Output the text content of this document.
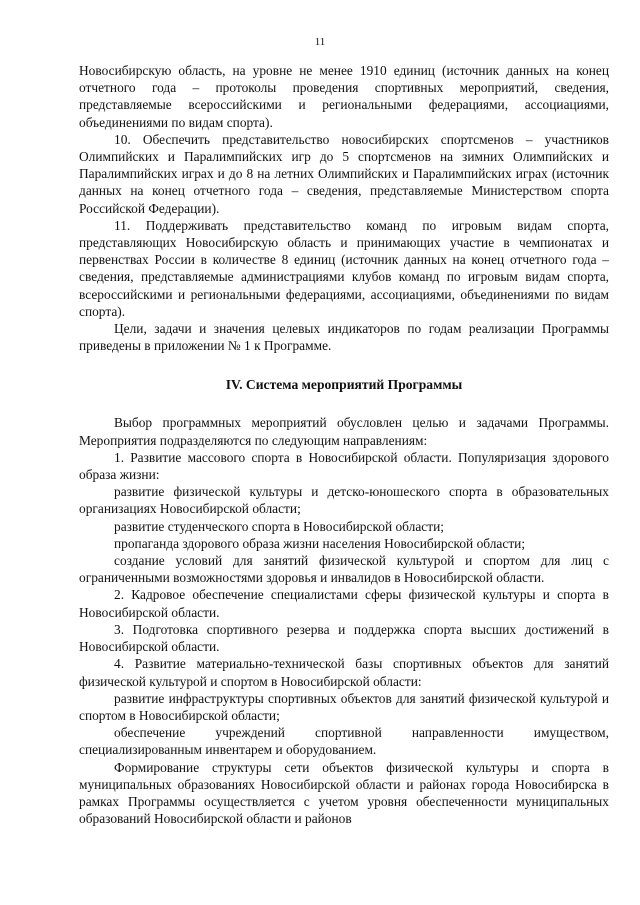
11

Новосибирскую область, на уровне не менее 1910 единиц (источник данных на конец отчетного года – протоколы проведения спортивных мероприятий, сведения, представляемые всероссийскими и региональными федерациями, ассоциациями, объединениями по видам спорта).

10. Обеспечить представительство новосибирских спортсменов – участников Олимпийских и Паралимпийских игр до 5 спортсменов на зимних Олимпийских и Паралимпийских играх и до 8 на летних Олимпийских и Паралимпийских играх (источник данных на конец отчетного года – сведения, представляемые Министерством спорта Российской Федерации).

11. Поддерживать представительство команд по игровым видам спорта, представляющих Новосибирскую область и принимающих участие в чемпионатах и первенствах России в количестве 8 единиц (источник данных на конец отчетного года – сведения, представляемые администрациями клубов команд по игровым видам спорта, всероссийскими и региональными федерациями, ассоциациями, объединениями по видам спорта).

Цели, задачи и значения целевых индикаторов по годам реализации Программы приведены в приложении № 1 к Программе.

IV. Система мероприятий Программы

Выбор программных мероприятий обусловлен целью и задачами Программы. Мероприятия подразделяются по следующим направлениям:

1. Развитие массового спорта в Новосибирской области. Популяризация здорового образа жизни:

развитие физической культуры и детско-юношеского спорта в образовательных организациях Новосибирской области;

развитие студенческого спорта в Новосибирской области;

пропаганда здорового образа жизни населения Новосибирской области;

создание условий для занятий физической культурой и спортом для лиц с ограниченными возможностями здоровья и инвалидов в Новосибирской области.

2. Кадровое обеспечение специалистами сферы физической культуры и спорта в Новосибирской области.

3. Подготовка спортивного резерва и поддержка спорта высших достижений в Новосибирской области.

4. Развитие материально-технической базы спортивных объектов для занятий физической культурой и спортом в Новосибирской области:

развитие инфраструктуры спортивных объектов для занятий физической культурой и спортом в Новосибирской области;

обеспечение учреждений спортивной направленности имуществом, специализированным инвентарем и оборудованием.

Формирование структуры сети объектов физической культуры и спорта в муниципальных образованиях Новосибирской области и районах города Новосибирска в рамках Программы осуществляется с учетом уровня обеспеченности муниципальных образований Новосибирской области и районов
